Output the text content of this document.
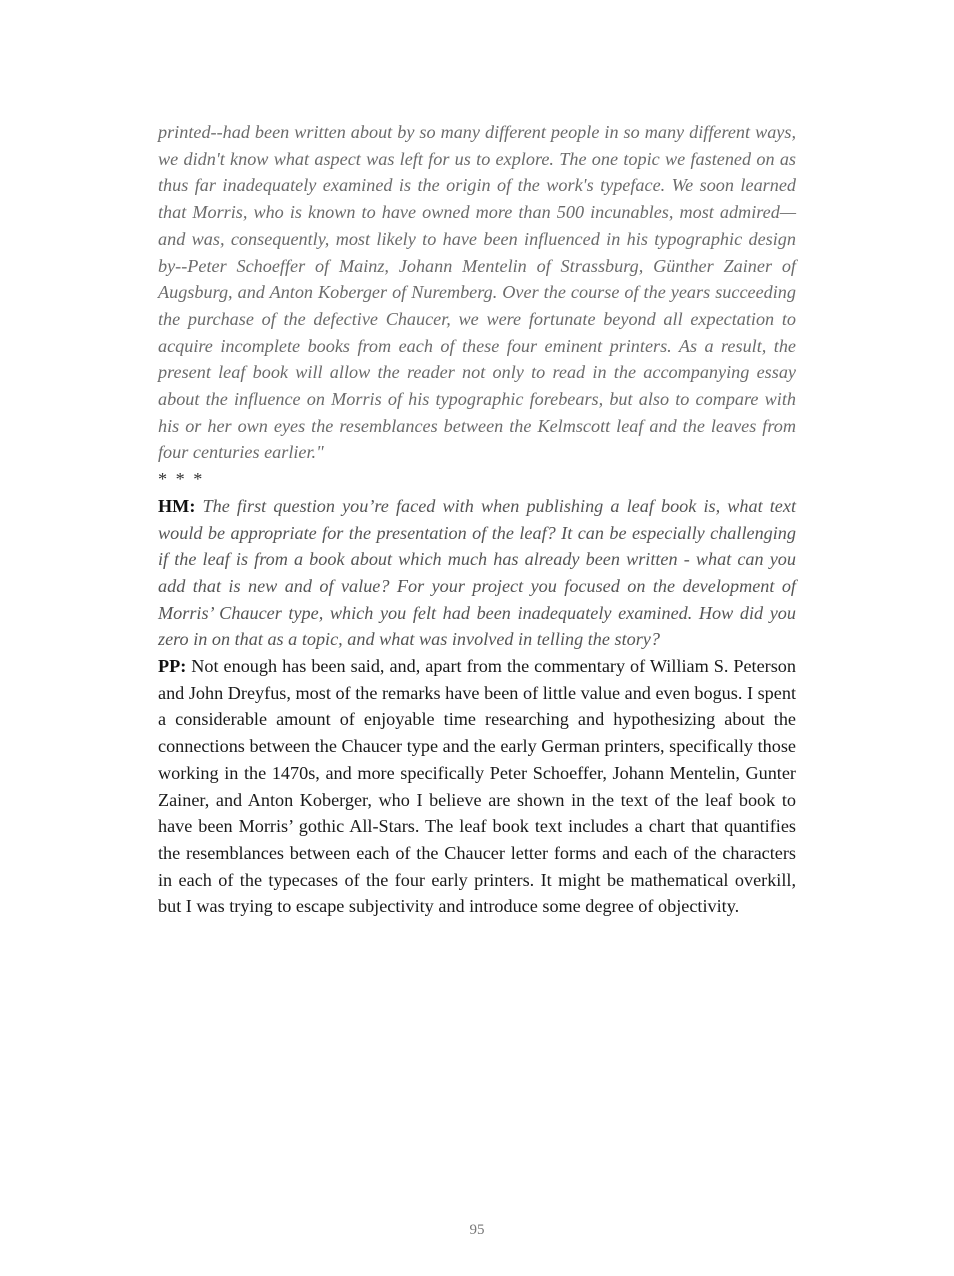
printed--had been written about by so many different people in so many different ways, we didn't know what aspect was left for us to explore. The one topic we fastened on as thus far inadequately examined is the origin of the work's typeface. We soon learned that Morris, who is known to have owned more than 500 incunables, most admired—and was, consequently, most likely to have been influenced in his typographic design by--Peter Schoeffer of Mainz, Johann Mentelin of Strassburg, Günther Zainer of Augsburg, and Anton Koberger of Nuremberg. Over the course of the years succeeding the purchase of the defective Chaucer, we were fortunate beyond all expectation to acquire incomplete books from each of these four eminent printers. As a result, the present leaf book will allow the reader not only to read in the accompanying essay about the influence on Morris of his typographic forebears, but also to compare with his or her own eyes the resemblances between the Kelmscott leaf and the leaves from four centuries earlier."

* * *

HM: The first question you’re faced with when publishing a leaf book is, what text would be appropriate for the presentation of the leaf? It can be especially challenging if the leaf is from a book about which much has already been written - what can you add that is new and of value? For your project you focused on the development of Morris’ Chaucer type, which you felt had been inadequately examined. How did you zero in on that as a topic, and what was involved in telling the story?

PP: Not enough has been said, and, apart from the commentary of William S. Peterson and John Dreyfus, most of the remarks have been of little value and even bogus. I spent a considerable amount of enjoyable time researching and hypothesizing about the connections between the Chaucer type and the early German printers, specifically those working in the 1470s, and more specifically Peter Schoeffer, Johann Mentelin, Gunter Zainer, and Anton Koberger, who I believe are shown in the text of the leaf book to have been Morris’ gothic All-Stars. The leaf book text includes a chart that quantifies the resemblances between each of the Chaucer letter forms and each of the characters in each of the typecases of the four early printers. It might be mathematical overkill, but I was trying to escape subjectivity and introduce some degree of objectivity.

95
